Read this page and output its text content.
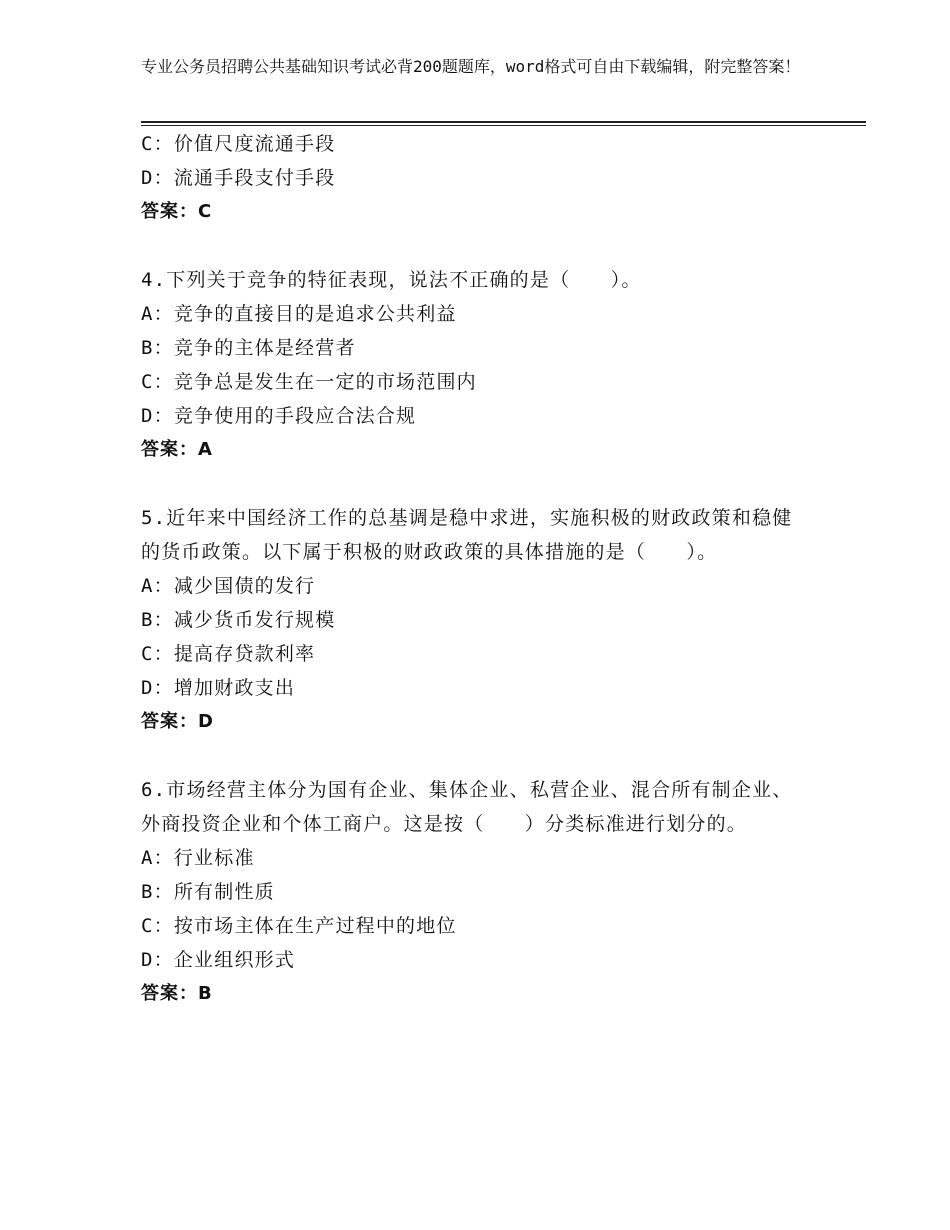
专业公务员招聘公共基础知识考试必背200题题库，word格式可自由下载编辑，附完整答案！
C：价值尺度流通手段
D：流通手段支付手段
答案：C
4.下列关于竞争的特征表现，说法不正确的是（　　）。
A：竞争的直接目的是追求公共利益
B：竞争的主体是经营者
C：竞争总是发生在一定的市场范围内
D：竞争使用的手段应合法合规
答案：A
5.近年来中国经济工作的总基调是稳中求进，实施积极的财政政策和稳健的货币政策。以下属于积极的财政政策的具体措施的是（　　）。
A：减少国债的发行
B：减少货币发行规模
C：提高存贷款利率
D：增加财政支出
答案：D
6.市场经营主体分为国有企业、集体企业、私营企业、混合所有制企业、外商投资企业和个体工商户。这是按（　　）分类标准进行划分的。
A：行业标准
B：所有制性质
C：按市场主体在生产过程中的地位
D：企业组织形式
答案：B
